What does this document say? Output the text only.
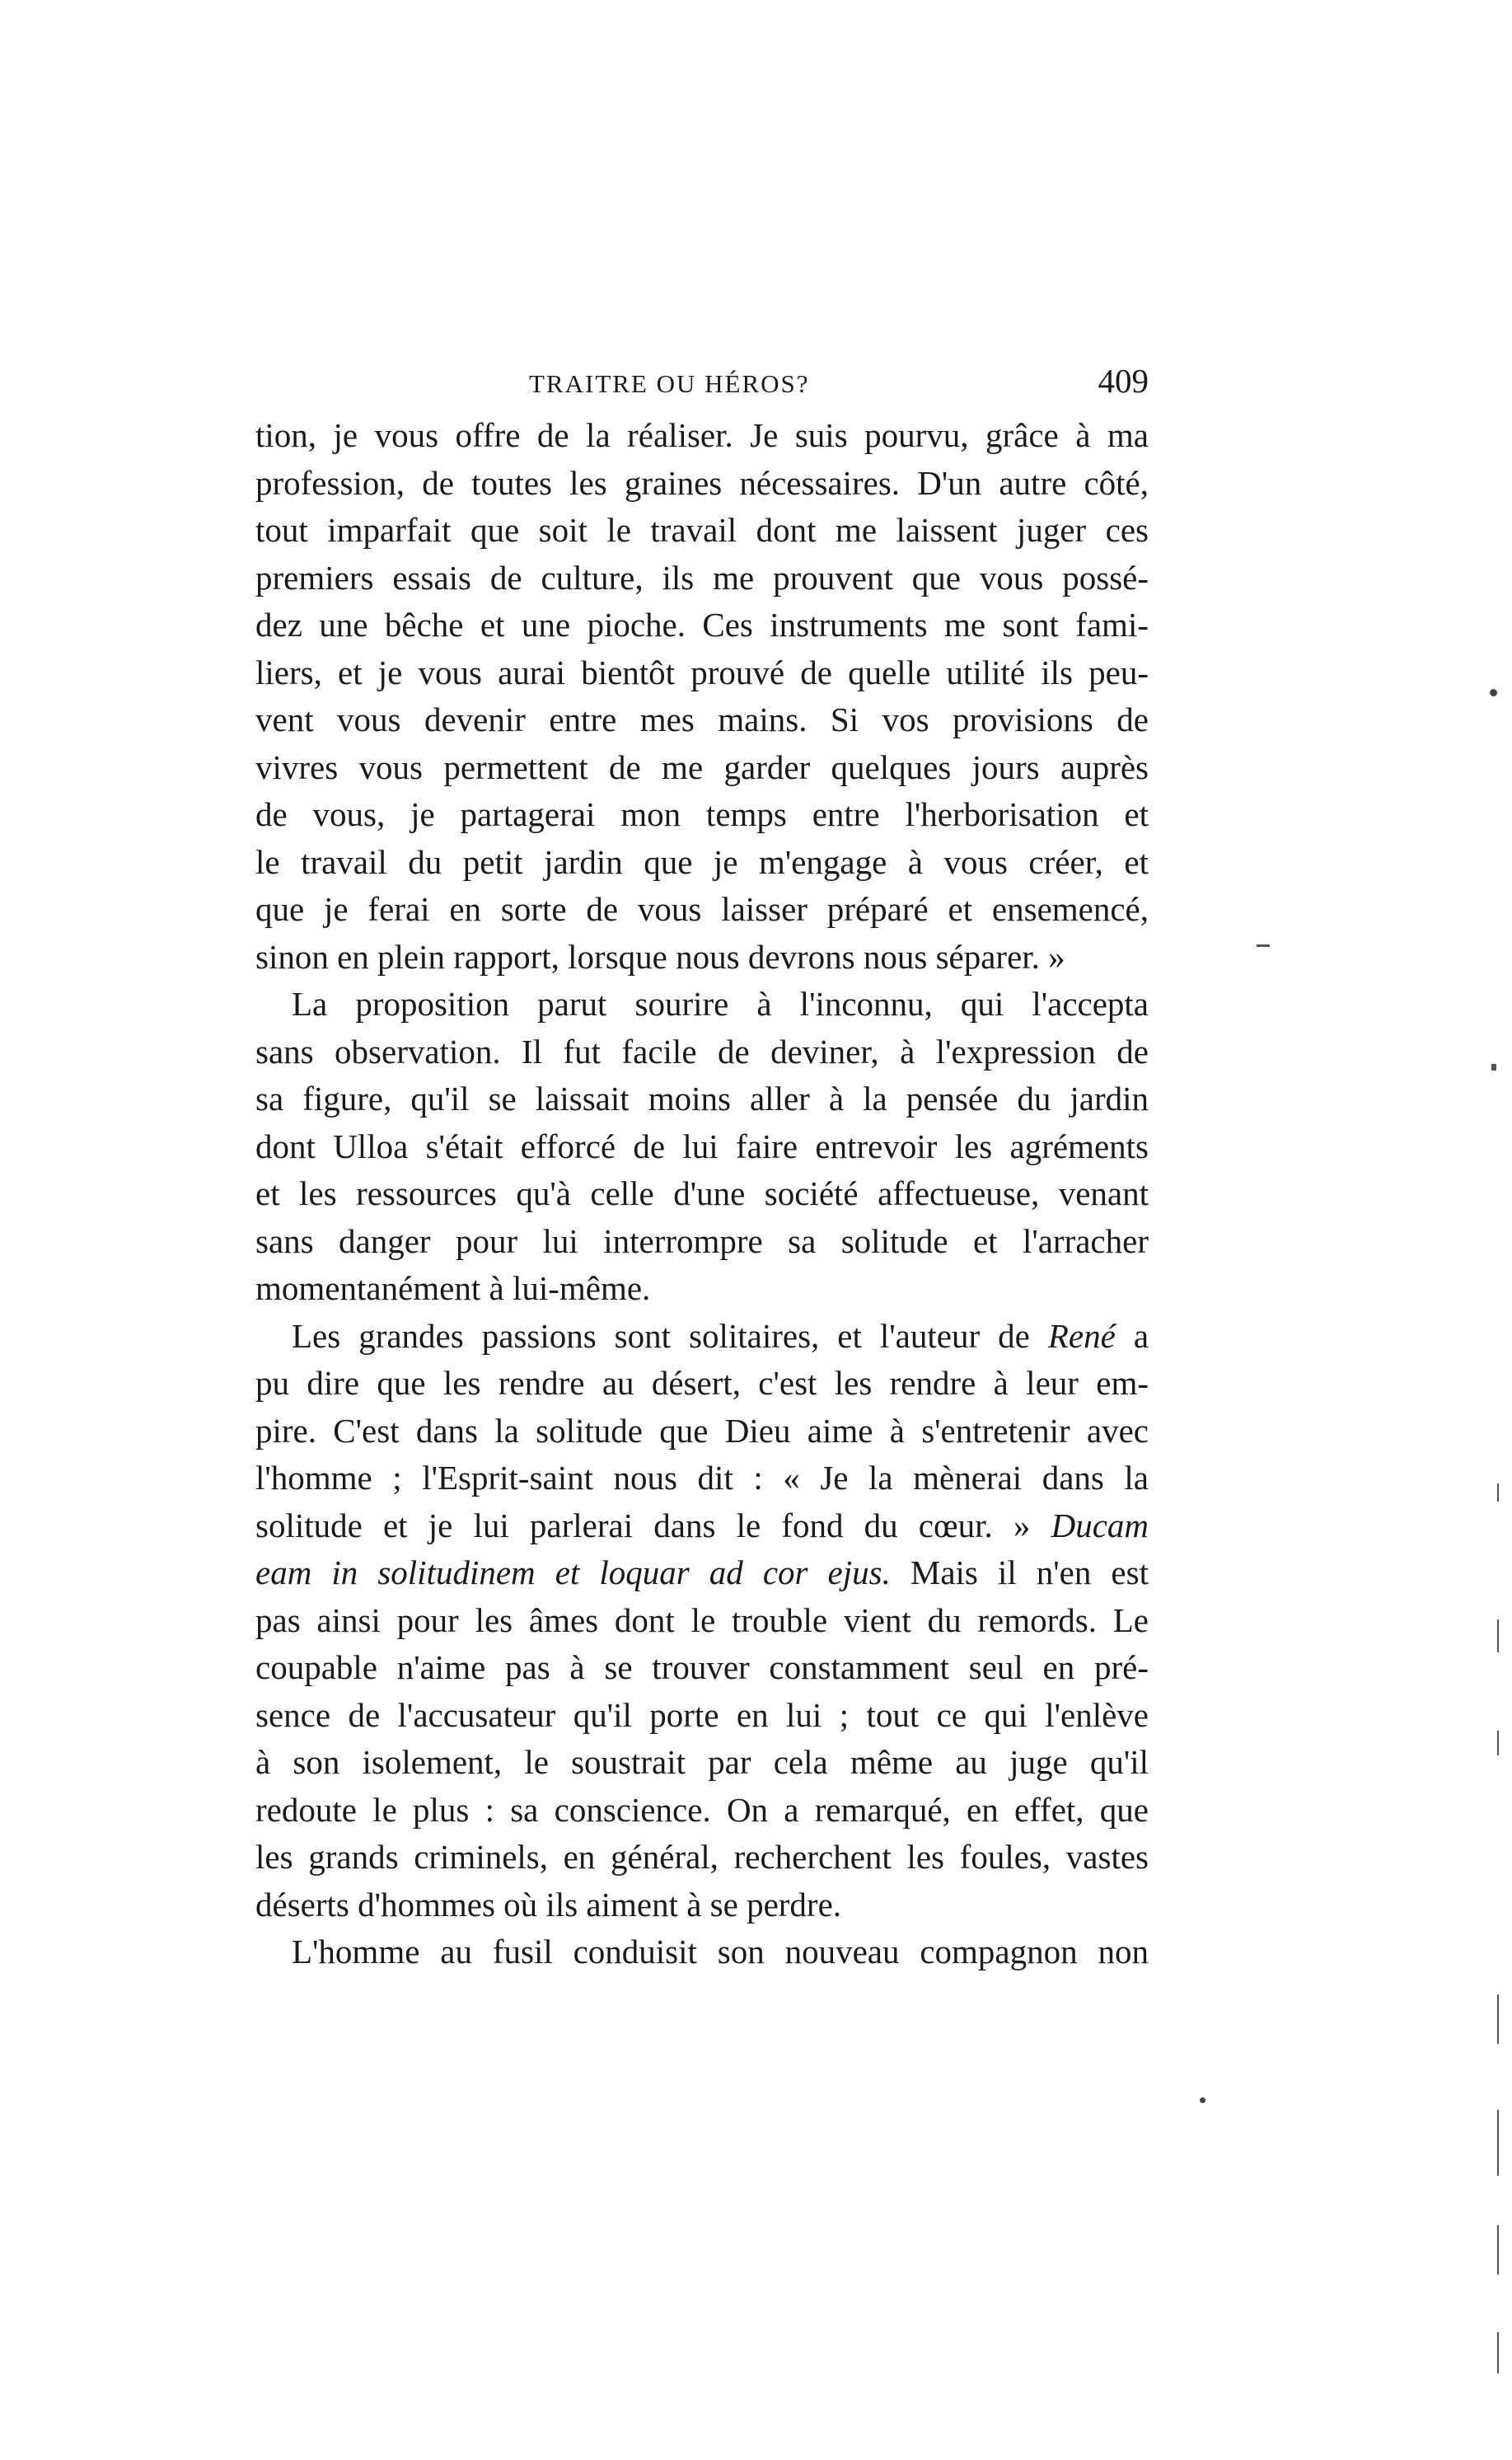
TRAITRE OU HÉROS?	409
tion, je vous offre de la réaliser. Je suis pourvu, grâce à ma
profession, de toutes les graines nécessaires. D'un autre côté,
tout imparfait que soit le travail dont me laissent juger ces
premiers essais de culture, ils me prouvent que vous possé-
dez une bêche et une pioche. Ces instruments me sont fami-
liers, et je vous aurai bientôt prouvé de quelle utilité ils peu-
vent vous devenir entre mes mains. Si vos provisions de
vivres vous permettent de me garder quelques jours auprès
de vous, je partagerai mon temps entre l'herborisation et
le travail du petit jardin que je m'engage à vous créer, et
que je ferai en sorte de vous laisser préparé et ensemencé,
sinon en plein rapport, lorsque nous devrons nous séparer. »
La proposition parut sourire à l'inconnu, qui l'accepta
sans observation. Il fut facile de deviner, à l'expression de
sa figure, qu'il se laissait moins aller à la pensée du jardin
dont Ulloa s'était efforcé de lui faire entrevoir les agréments
et les ressources qu'à celle d'une société affectueuse, venant
sans danger pour lui interrompre sa solitude et l'arracher
momentanément à lui-même.
Les grandes passions sont solitaires, et l'auteur de René a
pu dire que les rendre au désert, c'est les rendre à leur em-
pire. C'est dans la solitude que Dieu aime à s'entretenir avec
l'homme ; l'Esprit-saint nous dit : « Je la mènerai dans la
solitude et je lui parlerai dans le fond du cœur. » Ducam
eam in solitudinem et loquar ad cor ejus. Mais il n'en est
pas ainsi pour les âmes dont le trouble vient du remords. Le
coupable n'aime pas à se trouver constamment seul en pré-
sence de l'accusateur qu'il porte en lui ; tout ce qui l'enlève
à son isolement, le soustrait par cela même au juge qu'il
redoute le plus : sa conscience. On a remarqué, en effet, que
les grands criminels, en général, recherchent les foules, vastes
déserts d'hommes où ils aiment à se perdre.
L'homme au fusil conduisit son nouveau compagnon non
